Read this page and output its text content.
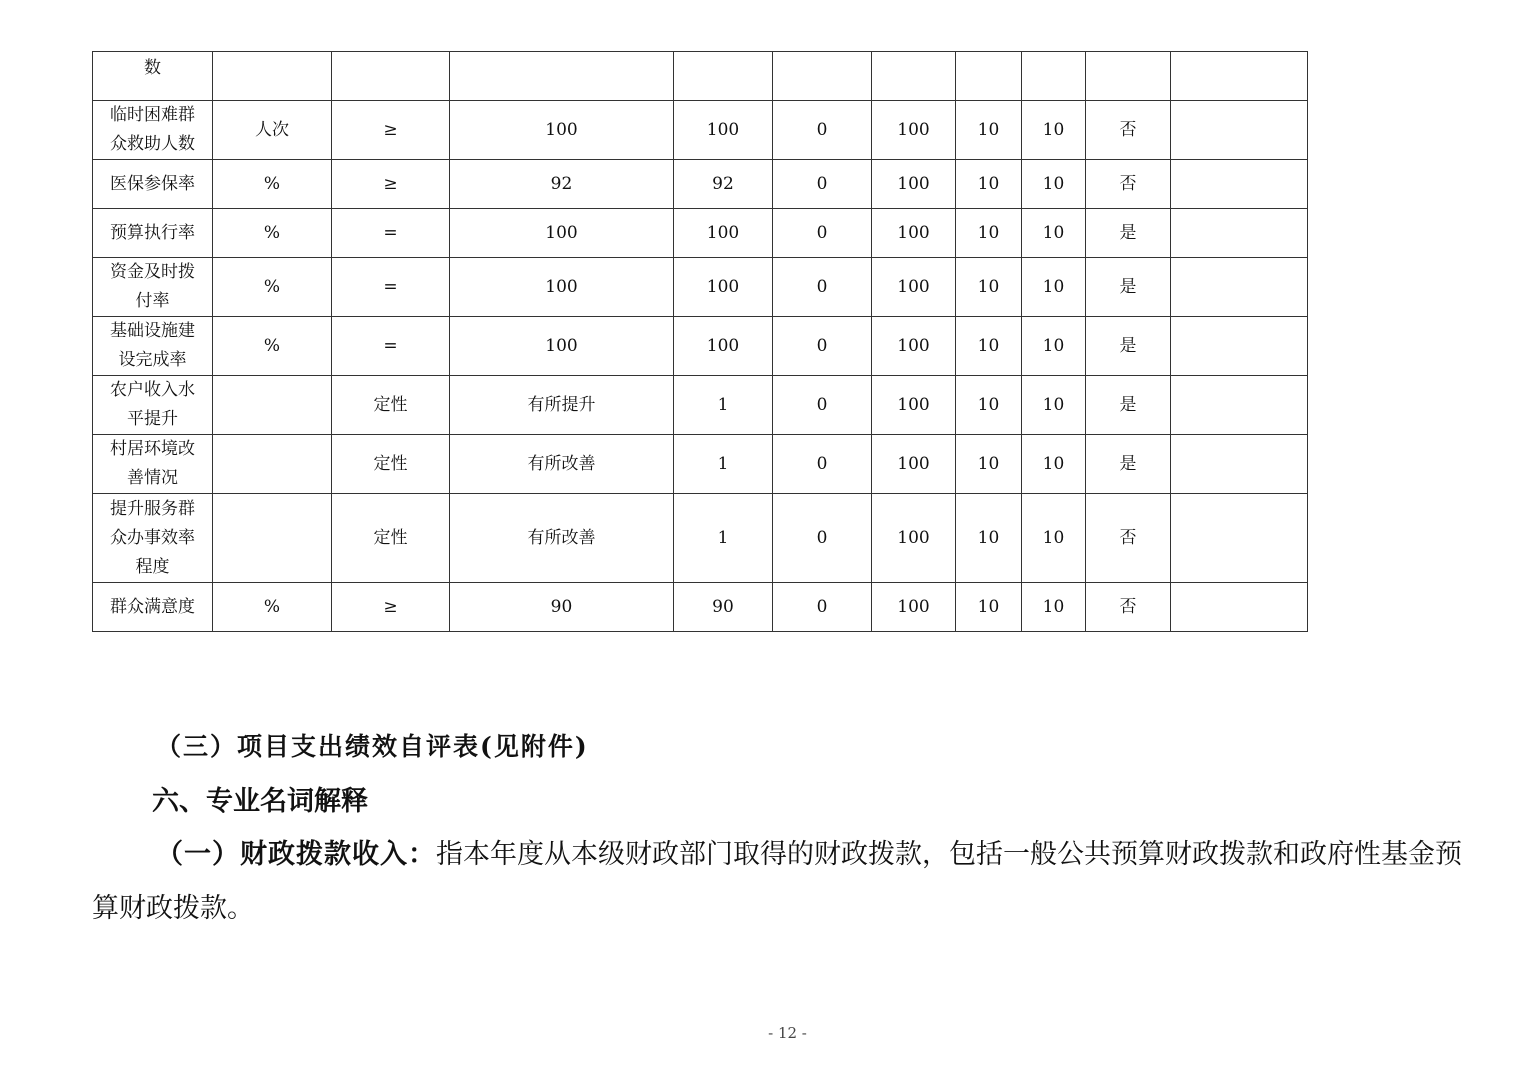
数										
临时困难群
众救助人数	人次	≥	100	100	0	100	10	10	否	
医保参保率	%	≥	92	92	0	100	10	10	否	
预算执行率	%	=	100	100	0	100	10	10	是	
资金及时拨
付率	%	=	100	100	0	100	10	10	是	
基础设施建
设完成率	%	=	100	100	0	100	10	10	是	
农户收入水
平提升		定性	有所提升	1	0	100	10	10	是	
村居环境改
善情况		定性	有所改善	1	0	100	10	10	是	
提升服务群
众办事效率
程度		定性	有所改善	1	0	100	10	10	否	
群众满意度	%	≥	90	90	0	100	10	10	否	

（三）项目支出绩效自评表(见附件)

六、专业名词解释

（一）财政拨款收入：指本年度从本级财政部门取得的财政拨款，包括一般公共预算财政拨款和政府性基金预算财政拨款。

- 12 -
